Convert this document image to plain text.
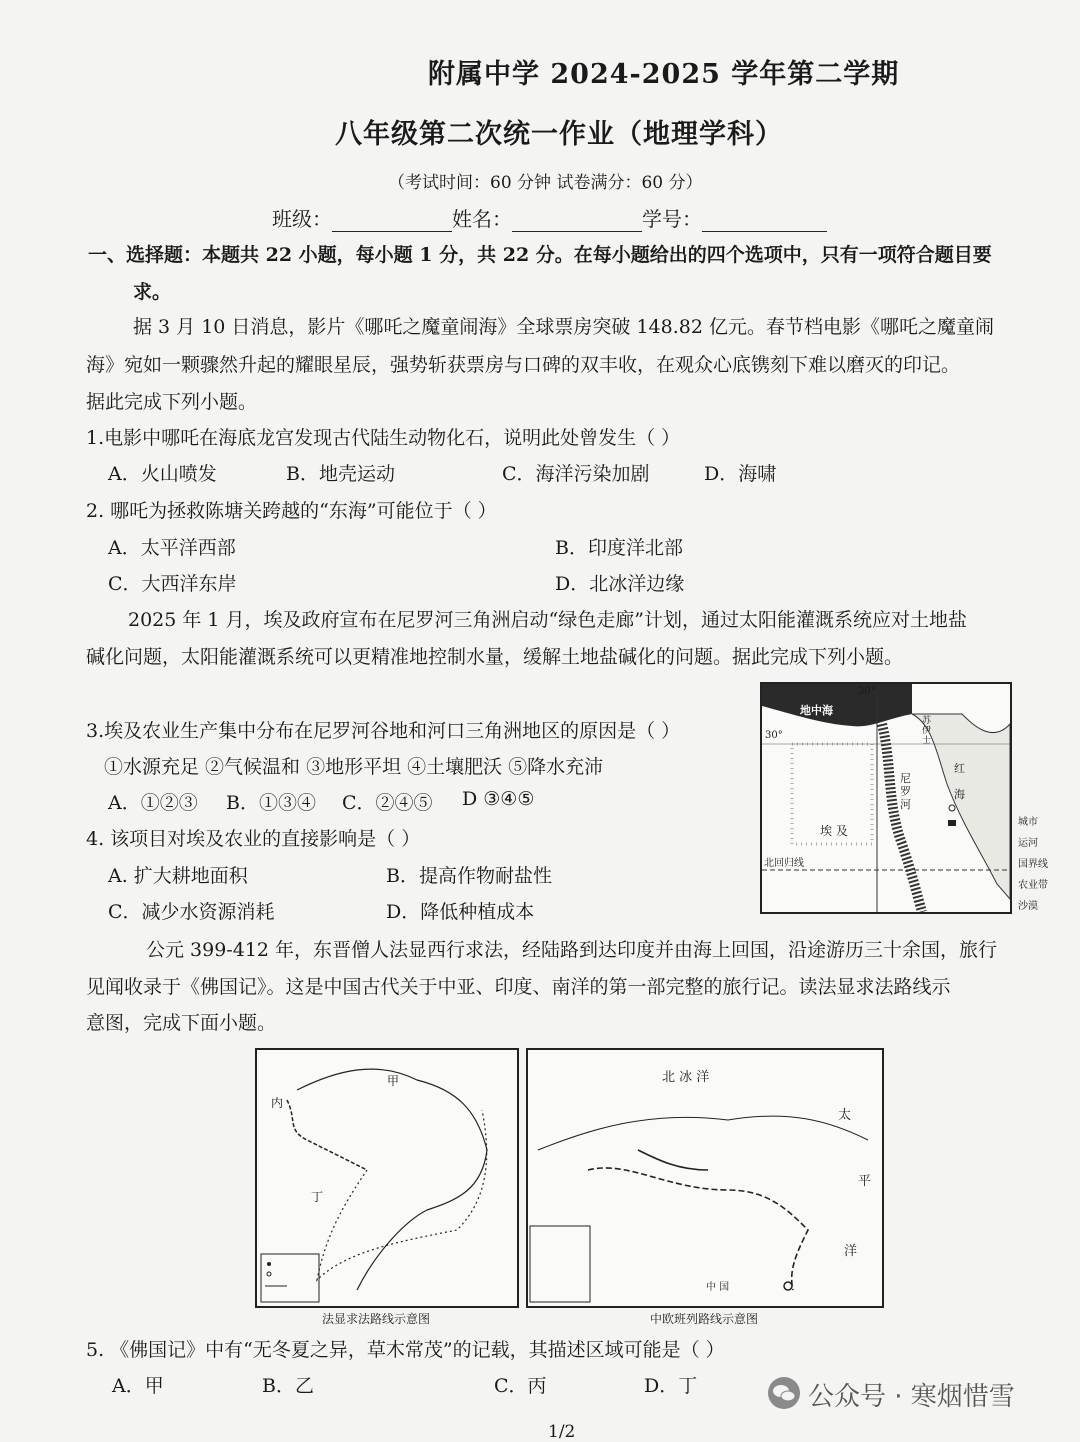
附属中学 2024-2025 学年第二学期
八年级第二次统一作业（地理学科）
（考试时间：60 分钟 试卷满分：60 分）
班级：	姓名：	学号：
一、选择题：本题共 22 小题，每小题 1 分，共 22 分。在每小题给出的四个选项中，只有一项符合题目要
求。
据 3 月 10 日消息，影片《哪吒之魔童闹海》全球票房突破 148.82 亿元。春节档电影《哪吒之魔童闹
海》宛如一颗骤然升起的耀眼星辰，强势斩获票房与口碑的双丰收，在观众心底镌刻下难以磨灭的印记。
据此完成下列小题。
1.电影中哪吒在海底龙宫发现古代陆生动物化石，说明此处曾发生（ ）
A．火山喷发	B．地壳运动	C．海洋污染加剧	D．海啸
2. 哪吒为拯救陈塘关跨越的“东海”可能位于（ ）
A．太平洋西部	B．印度洋北部
C．大西洋东岸	D．北冰洋边缘
2025 年 1 月，埃及政府宣布在尼罗河三角洲启动“绿色走廊”计划，通过太阳能灌溉系统应对土地盐
碱化问题，太阳能灌溉系统可以更精准地控制水量，缓解土地盐碱化的问题。据此完成下列小题。
3.埃及农业生产集中分布在尼罗河谷地和河口三角洲地区的原因是（ ）
①水源充足 ②气候温和 ③地形平坦 ④土壤肥沃 ⑤降水充沛
A．①②③ B．①③④ C．②④⑤ D ③④⑤
4. 该项目对埃及农业的直接影响是（ ）
A. 扩大耕地面积	B．提高作物耐盐性
C．减少水资源消耗	D．降低种植成本
地中海
30°
30°
埃 及
北回归线
尼
罗
河
红
海
苏
伊
士
城市
运河
国界线
农业带
沙漠
公元 399-412 年，东晋僧人法显西行求法，经陆路到达印度并由海上回国，沿途游历三十余国，旅行
见闻收录于《佛国记》。这是中国古代关于中亚、印度、南洋的第一部完整的旅行记。读法显求法路线示
意图，完成下面小题。
甲
内
丁
法显求法路线示意图
北 冰 洋
太
平
洋
中 国
中欧班列路线示意图
5. 《佛国记》中有“无冬夏之异，草木常茂”的记载，其描述区域可能是（ ）
A．甲	B．乙	C．丙	D．丁	公众号 · 寒烟惜雪
1/2
